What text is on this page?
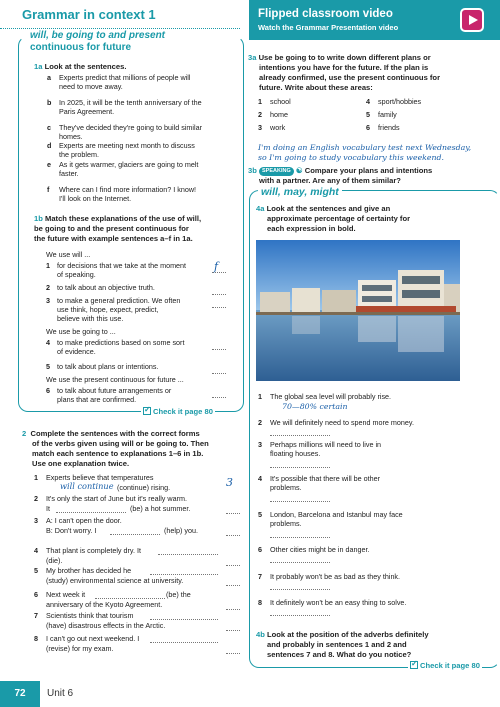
Grammar in context 1	Flipped classroom video
Watch the Grammar Presentation video
will, be going to and present
continuous for future
1a Look at the sentences.
a Experts predict that millions of people will
need to move away.
b In 2025, it will be the tenth anniversary of the
Paris Agreement.
c They've decided they're going to build similar
homes.
d Experts are meeting next month to discuss
the problem.
e As it gets warmer, glaciers are going to melt
faster.
f Where can I find more information? I know!
I'll look on the Internet.
1b Match these explanations of the use of will,
be going to and the present continuous for
the future with example sentences a–f in 1a.
We use will ...
1 for decisions that we take at the moment
of speaking.
f
2 to talk about an objective truth.
3 to make a general prediction. We often
use think, hope, expect, predict,
believe with this use.
We use be going to ...
4 to make predictions based on some sort
of evidence.
5 to talk about plans or intentions.
We use the present continuous for future ...
6 to talk about future arrangements or
plans that are confirmed.
✓Check it page 80
2 Complete the sentences with the correct forms
of the verbs given using will or be going to. Then
match each sentence to explanations 1–6 in 1b.
Use one explanation twice.
1 Experts believe that temperatures
will continue (continue) rising.	3
2 It's only the start of June but it's really warm.
It	(be) a hot summer.
3 A: I can't open the door.
B: Don't worry. I	(help) you.
4 That plant is completely dry. It
(die).
5 My brother has decided he
(study) environmental science at university.
6 Next week it	(be) the
anniversary of the Kyoto Agreement.
7 Scientists think that tourism
(have) disastrous effects in the Arctic.
8 I can't go out next weekend. I
(revise) for my exam.
3a Use be going to to write down different plans or
intentions you have for the future. If the plan is
already confirmed, use the present continuous for
future. Write about these areas:
1 school
2 home
3 work
4 sport/hobbies
5 family
6 friends
I'm doing an English vocabulary test next Wednesday,
so I'm going to study vocabulary this weekend.
3b SPEAKING ☯ Compare your plans and intentions
with a partner. Are any of them similar?
will, may, might
4a Look at the sentences and give an
approximate percentage of certainty for
each expression in bold.
1 The global sea level will probably rise.
70—80% certain
2 We will definitely need to spend more money.
3 Perhaps millions will need to live in
floating houses.
4 It's possible that there will be other
problems.
5 London, Barcelona and Istanbul may face
problems.
6 Other cities might be in danger.
7 It probably won't be as bad as they think.
8 It definitely won't be an easy thing to solve.
4b Look at the position of the adverbs definitely
and probably in sentences 1 and 2 and
sentences 7 and 8. What do you notice?
✓Check it page 80
72	Unit 6
